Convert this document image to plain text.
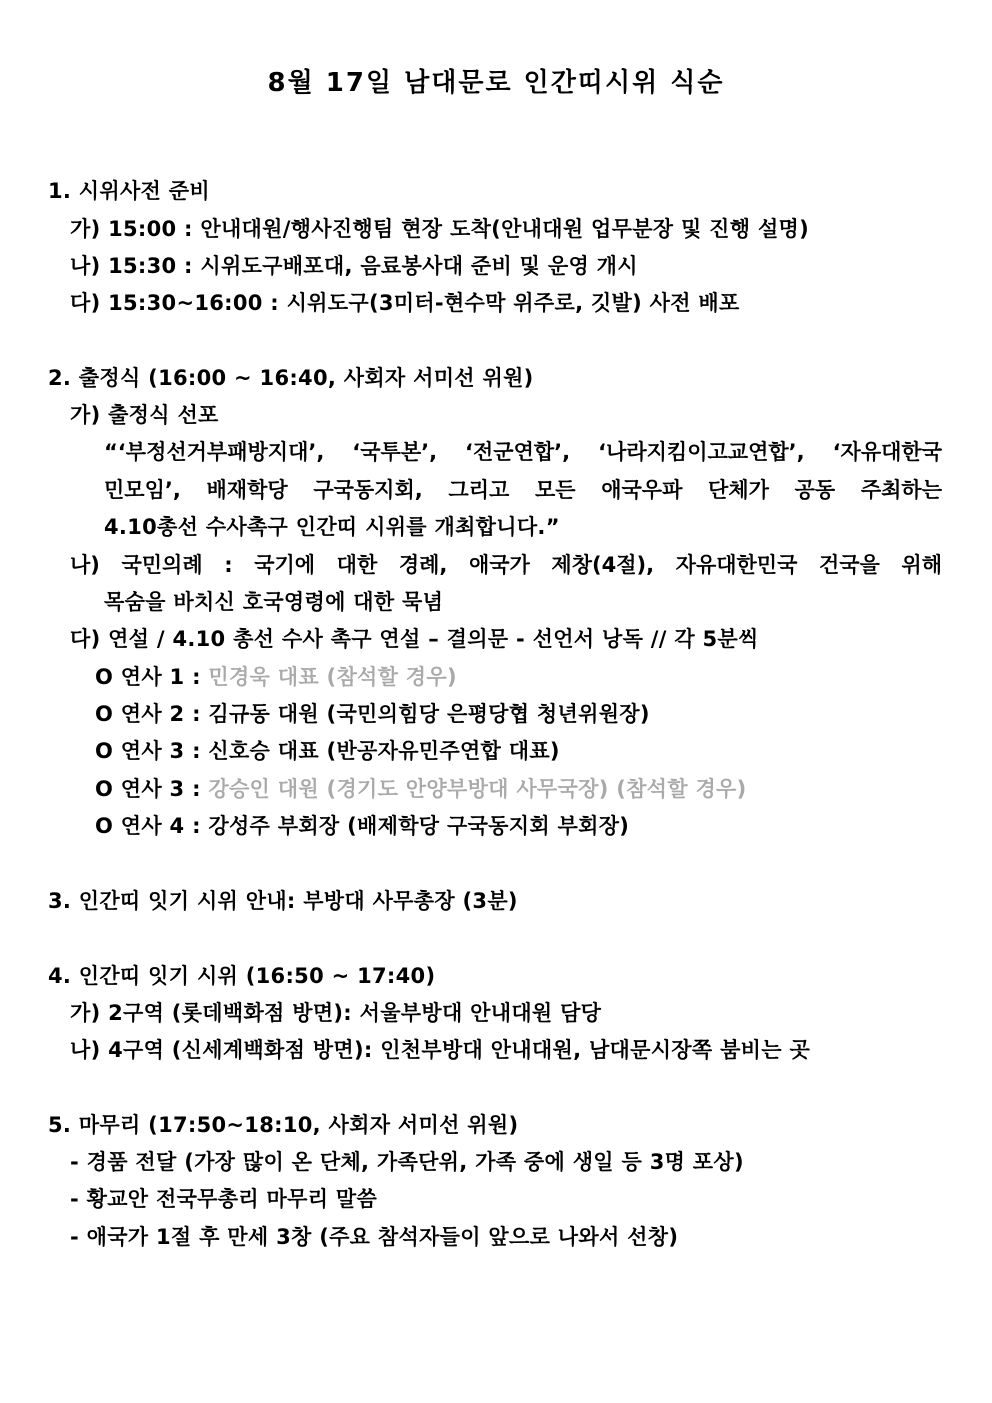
8월 17일 남대문로 인간띠시위 식순
1. 시위사전 준비
가) 15:00 : 안내대원/행사진행팀 현장 도착(안내대원 업무분장 및 진행 설명)
나) 15:30 : 시위도구배포대, 음료봉사대 준비 및 운영 개시
다) 15:30~16:00 : 시위도구(3미터-현수막 위주로, 깃발) 사전 배포
2. 출정식 (16:00 ~ 16:40, 사회자 서미선 위원)
가) 출정식 선포
“‘부정선거부패방지대’, ‘국투본’, ‘전군연합’, ‘나라지킴이고교연합’, ‘자유대한국
민모임’, 배재학당 구국동지회, 그리고 모든 애국우파 단체가 공동 주최하는
4.10총선 수사촉구 인간띠 시위를 개최합니다.”
나) 국민의례 : 국기에 대한 경례, 애국가 제창(4절), 자유대한민국 건국을 위해
목숨을 바치신 호국영령에 대한 묵념
다) 연설 / 4.10 총선 수사 촉구 연설 – 결의문 - 선언서 낭독 // 각 5분씩
O 연사 1 : 민경욱 대표 (참석할 경우)
O 연사 2 : 김규동 대원 (국민의힘당 은평당협 청년위원장)
O 연사 3 : 신호승 대표 (반공자유민주연합 대표)
O 연사 3 : 강승인 대원 (경기도 안양부방대 사무국장) (참석할 경우)
O 연사 4 : 강성주 부회장 (배제학당 구국동지회 부회장)
3. 인간띠 잇기 시위 안내: 부방대 사무총장 (3분)
4. 인간띠 잇기 시위 (16:50 ~ 17:40)
가) 2구역 (롯데백화점 방면): 서울부방대 안내대원 담당
나) 4구역 (신세계백화점 방면): 인천부방대 안내대원, 남대문시장쪽 붐비는 곳
5. 마무리 (17:50~18:10, 사회자 서미선 위원)
- 경품 전달 (가장 많이 온 단체, 가족단위, 가족 중에 생일 등 3명 포상)
- 황교안 전국무총리 마무리 말씀
- 애국가 1절 후 만세 3창 (주요 참석자들이 앞으로 나와서 선창)
